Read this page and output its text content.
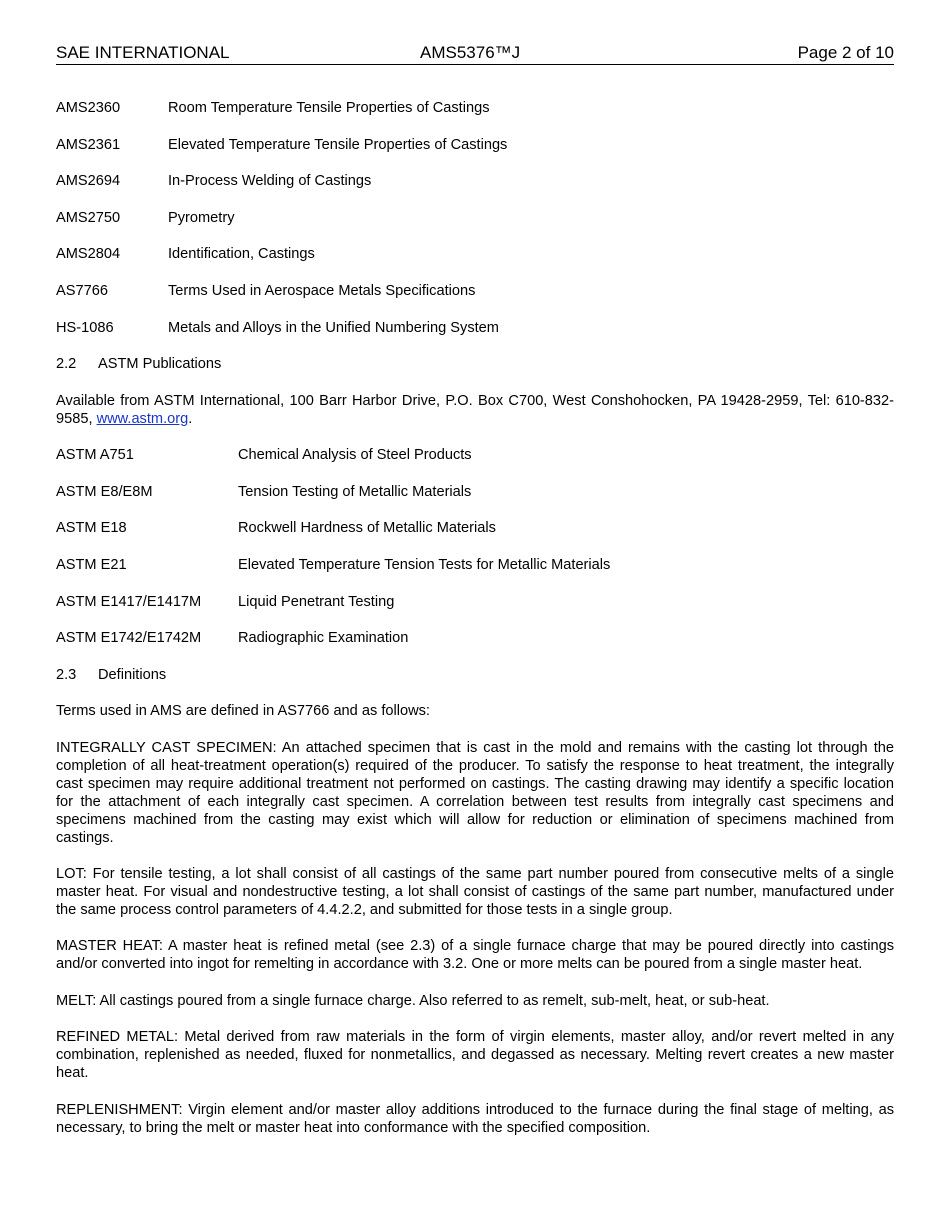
SAE INTERNATIONAL	AMS5376™J	Page 2 of 10
AMS2360	Room Temperature Tensile Properties of Castings
AMS2361	Elevated Temperature Tensile Properties of Castings
AMS2694	In-Process Welding of Castings
AMS2750	Pyrometry
AMS2804	Identification, Castings
AS7766	Terms Used in Aerospace Metals Specifications
HS-1086	Metals and Alloys in the Unified Numbering System
2.2	ASTM Publications

Available from ASTM International, 100 Barr Harbor Drive, P.O. Box C700, West Conshohocken, PA 19428-2959, Tel: 610-832-9585, www.astm.org.

ASTM A751	Chemical Analysis of Steel Products
ASTM E8/E8M	Tension Testing of Metallic Materials
ASTM E18	Rockwell Hardness of Metallic Materials
ASTM E21	Elevated Temperature Tension Tests for Metallic Materials
ASTM E1417/E1417M	Liquid Penetrant Testing
ASTM E1742/E1742M	Radiographic Examination
2.3	Definitions

Terms used in AMS are defined in AS7766 and as follows:

INTEGRALLY CAST SPECIMEN: An attached specimen that is cast in the mold and remains with the casting lot through the completion of all heat-treatment operation(s) required of the producer. To satisfy the response to heat treatment, the integrally cast specimen may require additional treatment not performed on castings. The casting drawing may identify a specific location for the attachment of each integrally cast specimen. A correlation between test results from integrally cast specimens and specimens machined from the casting may exist which will allow for reduction or elimination of specimens machined from castings.

LOT: For tensile testing, a lot shall consist of all castings of the same part number poured from consecutive melts of a single master heat. For visual and nondestructive testing, a lot shall consist of castings of the same part number, manufactured under the same process control parameters of 4.4.2.2, and submitted for those tests in a single group.

MASTER HEAT: A master heat is refined metal (see 2.3) of a single furnace charge that may be poured directly into castings and/or converted into ingot for remelting in accordance with 3.2. One or more melts can be poured from a single master heat.

MELT: All castings poured from a single furnace charge. Also referred to as remelt, sub-melt, heat, or sub-heat.

REFINED METAL: Metal derived from raw materials in the form of virgin elements, master alloy, and/or revert melted in any combination, replenished as needed, fluxed for nonmetallics, and degassed as necessary. Melting revert creates a new master heat.

REPLENISHMENT: Virgin element and/or master alloy additions introduced to the furnace during the final stage of melting, as necessary, to bring the melt or master heat into conformance with the specified composition.
